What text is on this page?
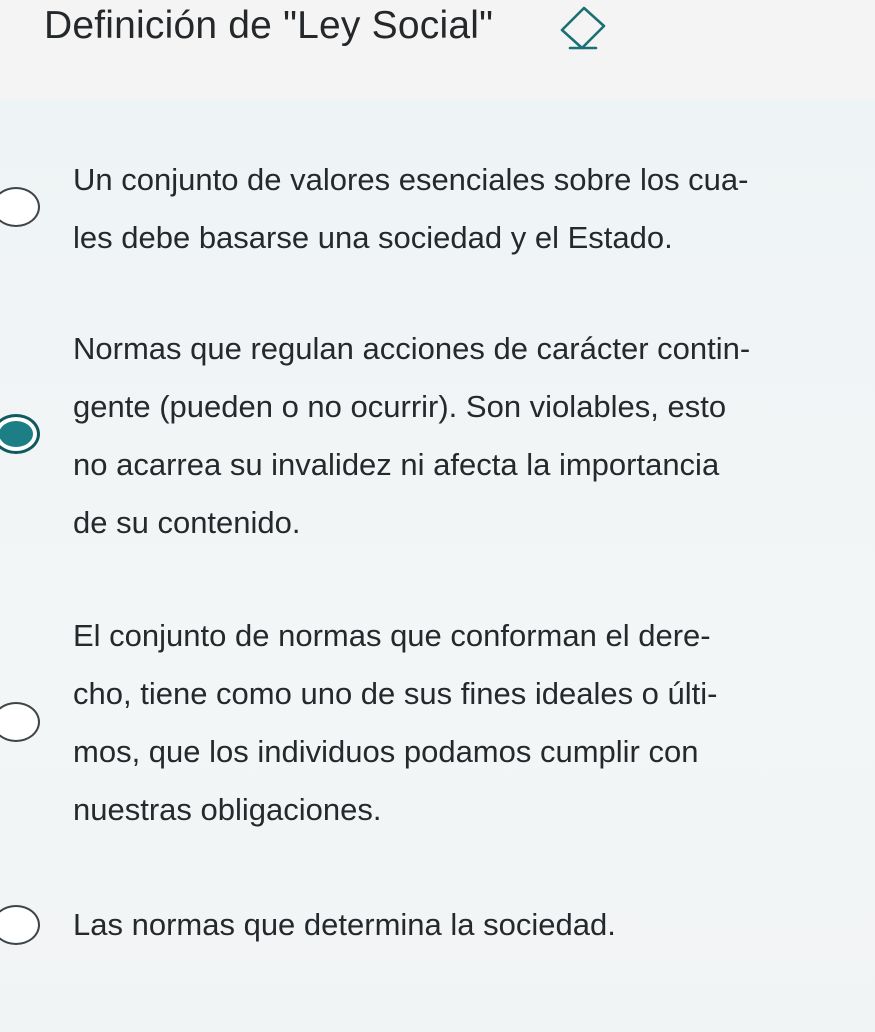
Definición de "Ley Social"
Un conjunto de valores esenciales sobre los cua-
les debe basarse una sociedad y el Estado.
Normas que regulan acciones de carácter contin-
gente (pueden o no ocurrir). Son violables, esto
no acarrea su invalidez ni afecta la importancia
de su contenido.
El conjunto de normas que conforman el dere-
cho, tiene como uno de sus fines ideales o últi-
mos, que los individuos podamos cumplir con
nuestras obligaciones.
Las normas que determina la sociedad.
